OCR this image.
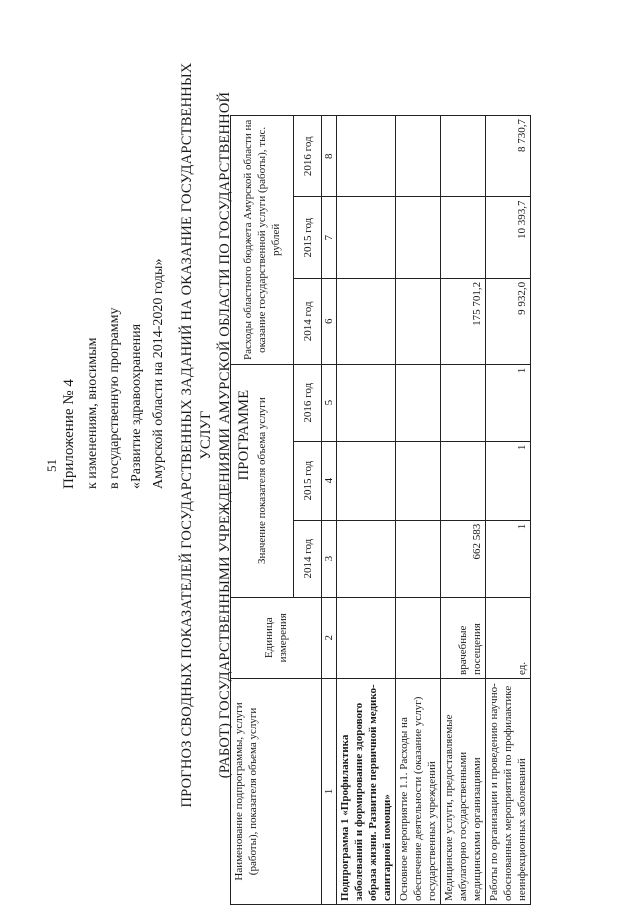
51 Приложение № 4 к изменениям, вносимым в государственную программу «Развитие здравоохранения Амурской области на 2014-2020 годы» ПРОГНОЗ СВОДНЫХ ПОКАЗАТЕЛЕЙ ГОСУДАРСТВЕННЫХ ЗАДАНИЙ НА ОКАЗАНИЕ ГОСУДАРСТВЕННЫХ УСЛУГ (РАБОТ) ГОСУДАРСТВЕННЫМИ УЧРЕЖДЕНИЯМИ АМУРСКОЙ ОБЛАСТИ ПО ГОСУДАРСТВЕННОЙ ПРОГРАММЕ
Наименование подпрограммы, услуги (работы), показателя объема услуги	Единица измерения	Значение показателя объема услуги			Расходы областного бюджета Амурской области на оказание государственной услуги (работы), тыс. рублей		
		2014 год	2015 год	2016 год	2014 год	2015 год	2016 год
1	2	3	4	5	6	7	8
Подпрограмма 1 «Профилактика заболеваний и формирование здорового образа жизни. Развитие первичной медико-санитарной помощи»							
Основное мероприятие 1.1. Расходы на обеспечение деятельности (оказание услуг) государственных учреждений							
Медицинские услуги, предоставляемые амбулаторно государственными медицинскими организациями	врачебные посещения	662 583			175 701,2		
Работы по организации и проведению научно-обоснованных мероприятий по профилактике неинфекционных заболеваний	ед.	1	1	1	9 932,0	10 393,7	8 730,7
